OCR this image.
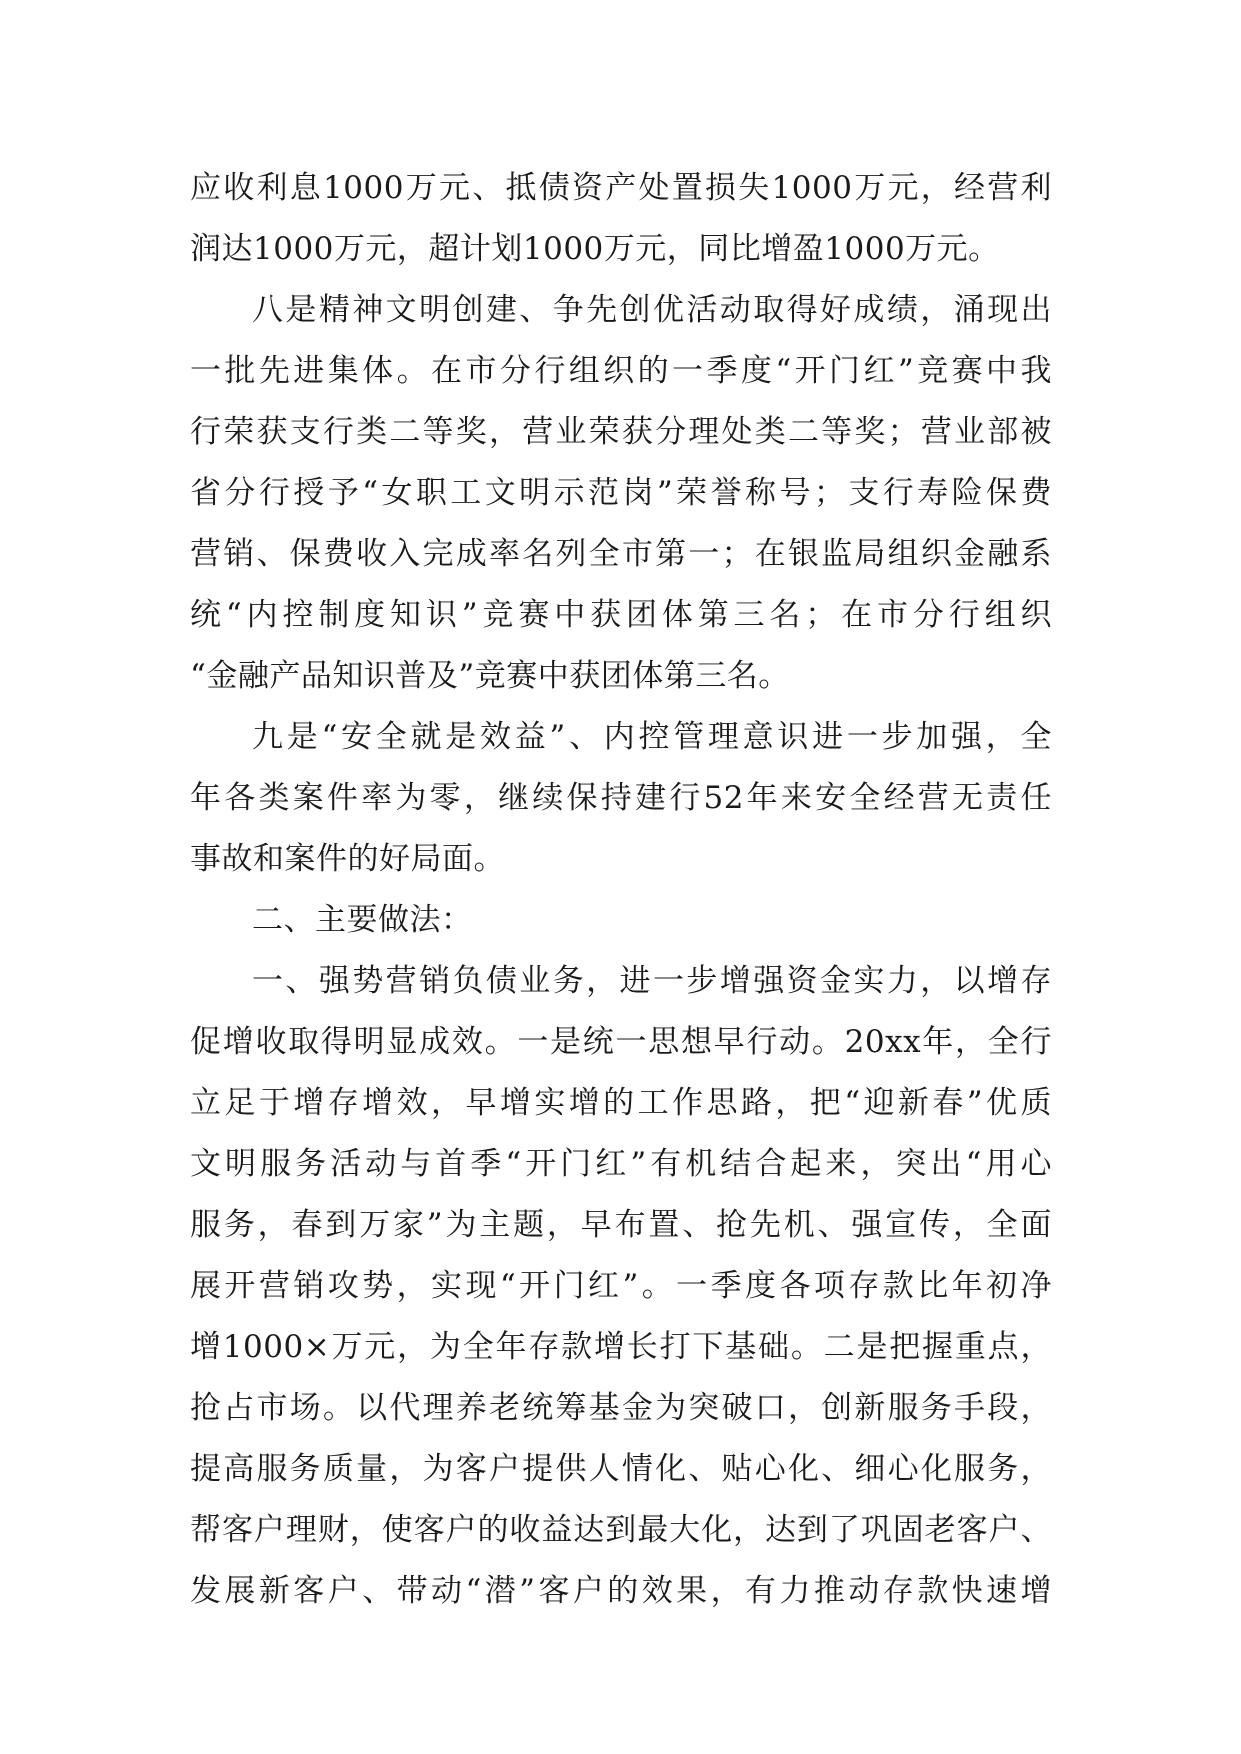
应收利息1000万元、抵债资产处置损失1000万元，经营利
润达1000万元，超计划1000万元，同比增盈1000万元。
八是精神文明创建、争先创优活动取得好成绩，涌现出
一批先进集体。在市分行组织的一季度“开门红”竞赛中我
行荣获支行类二等奖，营业荣获分理处类二等奖；营业部被
省分行授予“女职工文明示范岗”荣誉称号；支行寿险保费
营销、保费收入完成率名列全市第一；在银监局组织金融系
统“内控制度知识”竞赛中获团体第三名；在市分行组织
“金融产品知识普及”竞赛中获团体第三名。
九是“安全就是效益”、内控管理意识进一步加强，全
年各类案件率为零，继续保持建行52年来安全经营无责任
事故和案件的好局面。
二、主要做法：
一、强势营销负债业务，进一步增强资金实力，以增存
促增收取得明显成效。一是统一思想早行动。20xx年，全行
立足于增存增效，早增实增的工作思路，把“迎新春”优质
文明服务活动与首季“开门红”有机结合起来，突出“用心
服务，春到万家”为主题，早布置、抢先机、强宣传，全面
展开营销攻势，实现“开门红”。一季度各项存款比年初净
增1000×万元，为全年存款增长打下基础。二是把握重点，
抢占市场。以代理养老统筹基金为突破口，创新服务手段，
提高服务质量，为客户提供人情化、贴心化、细心化服务，
帮客户理财，使客户的收益达到最大化，达到了巩固老客户、
发展新客户、带动“潜”客户的效果，有力推动存款快速增
